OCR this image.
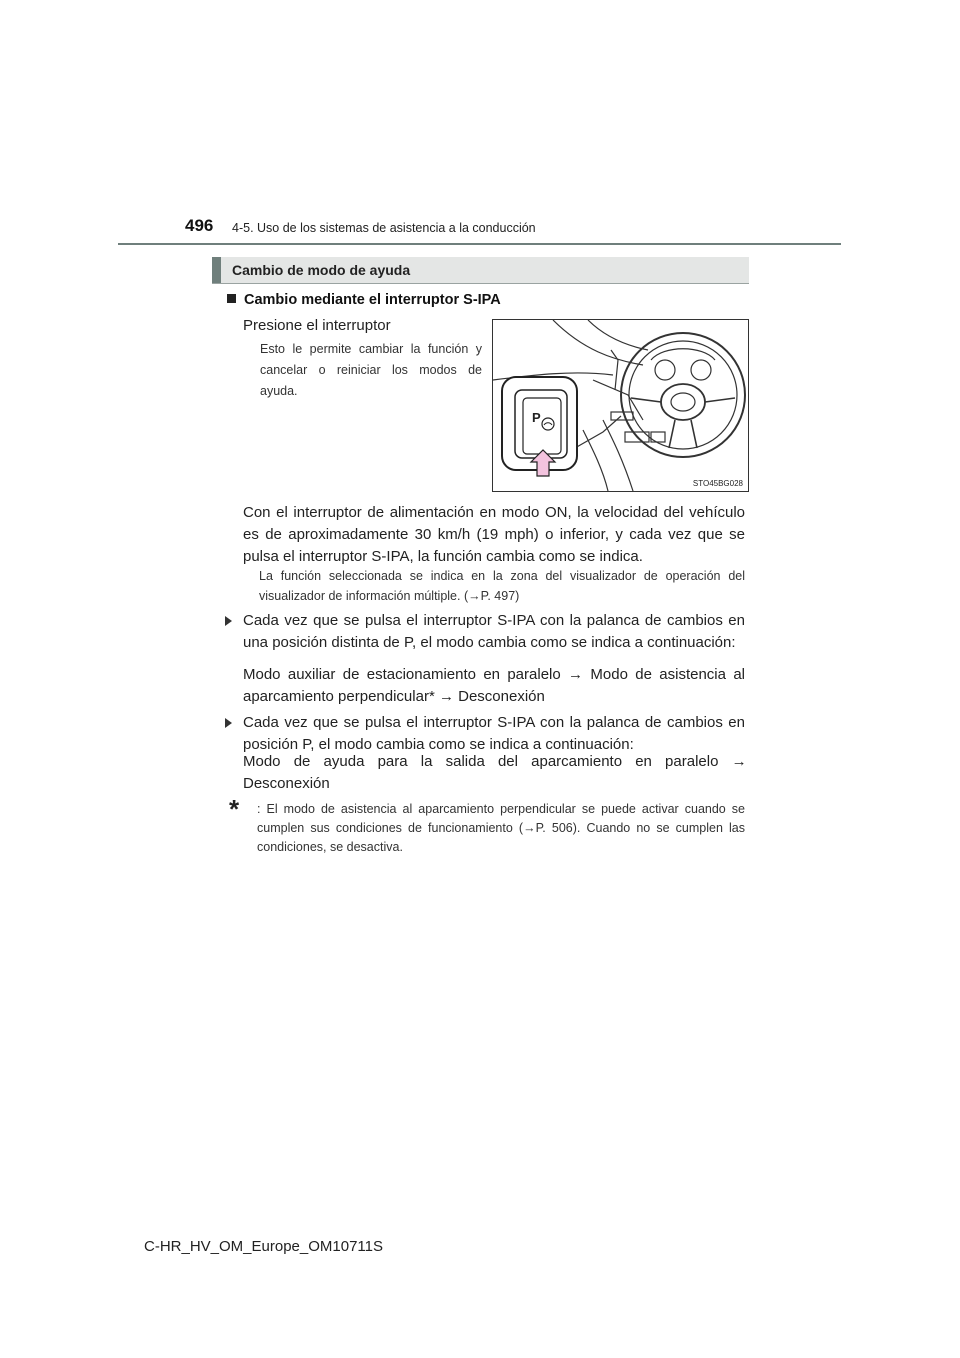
496 4-5. Uso de los sistemas de asistencia a la conducción
Cambio de modo de ayuda
Cambio mediante el interruptor S-IPA
Presione el interruptor
Esto le permite cambiar la función y cancelar o reiniciar los modos de ayuda.
P
STO45BG028
Con el interruptor de alimentación en modo ON, la velocidad del vehículo es de aproximadamente 30 km/h (19 mph) o inferior, y cada vez que se pulsa el interruptor S-IPA, la función cambia como se indica.
La función seleccionada se indica en la zona del visualizador de operación del visualizador de información múltiple. (→P. 497)
Cada vez que se pulsa el interruptor S-IPA con la palanca de cambios en una posición distinta de P, el modo cambia como se indica a continuación:
Modo auxiliar de estacionamiento en paralelo → Modo de asistencia al aparcamiento perpendicular* → Desconexión
Cada vez que se pulsa el interruptor S-IPA con la palanca de cambios en posición P, el modo cambia como se indica a continuación:
Modo de ayuda para la salida del aparcamiento en paralelo → Desconexión
* : El modo de asistencia al aparcamiento perpendicular se puede activar cuando se cumplen sus condiciones de funcionamiento (→P. 506). Cuando no se cumplen las condiciones, se desactiva.
C-HR_HV_OM_Europe_OM10711S
